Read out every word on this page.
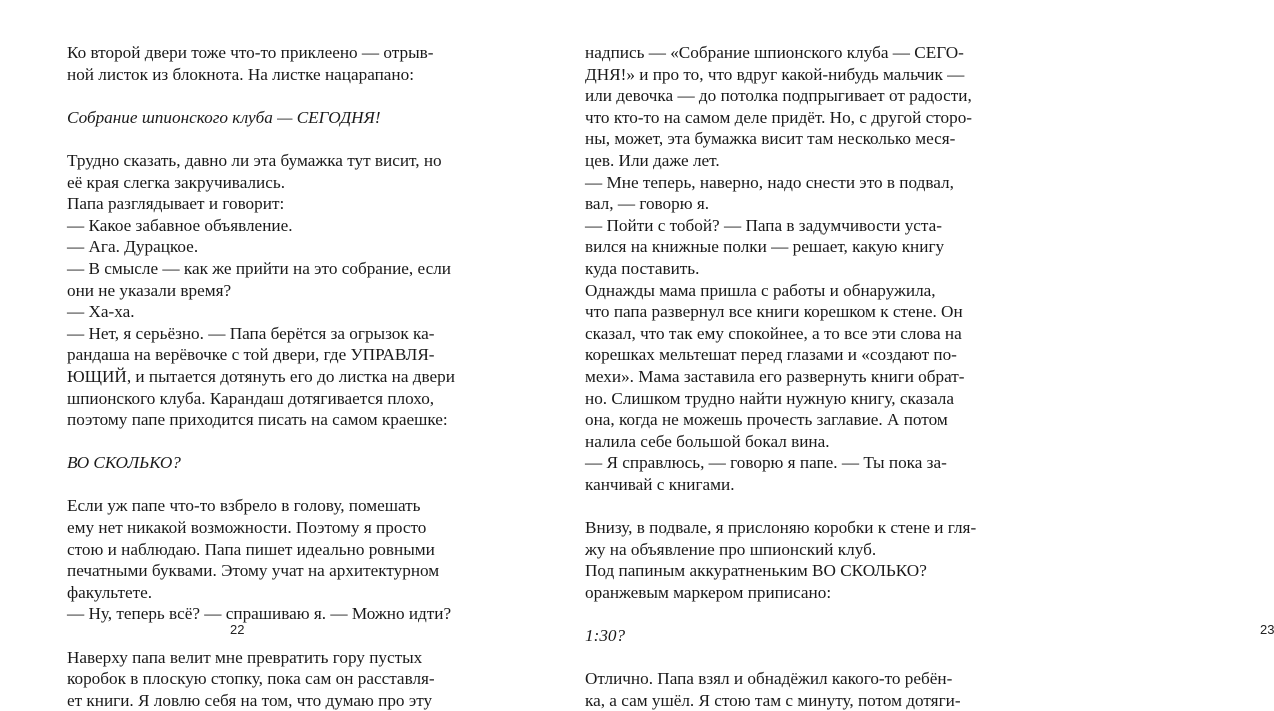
Ко второй двери тоже что-то приклеено — отрыв-
ной листок из блокнота. На листке нацарапано:
Собрание шпионского клуба — СЕГОДНЯ!
Трудно сказать, давно ли эта бумажка тут висит, но
её края слегка закручивались.
Папа разглядывает и говорит:
— Какое забавное объявление.
— Ага. Дурацкое.
— В смысле — как же прийти на это собрание, если
они не указали время?
— Ха-ха.
— Нет, я серьёзно. — Папа берётся за огрызок ка-
рандаша на верёвочке с той двери, где УПРАВЛЯ-
ЮЩИЙ, и пытается дотянуть его до листка на двери
шпионского клуба. Карандаш дотягивается плохо,
поэтому папе приходится писать на самом краешке:
ВО СКОЛЬКО?
Если уж папе что-то взбрело в голову, помешать
ему нет никакой возможности. Поэтому я просто
стою и наблюдаю. Папа пишет идеально ровными
печатными буквами. Этому учат на архитектурном
факультете.
— Ну, теперь всё? — спрашиваю я. — Можно идти?
Наверху папа велит мне превратить гору пустых
коробок в плоскую стопку, пока сам он расставля-
ет книги. Я ловлю себя на том, что думаю про эту
22	23
надпись — «Собрание шпионского клуба — СЕГО-
ДНЯ!» и про то, что вдруг какой-нибудь мальчик —
или девочка — до потолка подпрыгивает от радости,
что кто-то на самом деле придёт. Но, с другой сторо-
ны, может, эта бумажка висит там несколько меся-
цев. Или даже лет.
— Мне теперь, наверно, надо снести это в подвал,
вал, — говорю я.
— Пойти с тобой? — Папа в задумчивости уста-
вился на книжные полки — решает, какую книгу
куда поставить.
Однажды мама пришла с работы и обнаружила,
что папа развернул все книги корешком к стене. Он
сказал, что так ему спокойнее, а то все эти слова на
корешках мельтешат перед глазами и «создают по-
мехи». Мама заставила его развернуть книги обрат-
но. Слишком трудно найти нужную книгу, сказала
она, когда не можешь прочесть заглавие. А потом
налила себе большой бокал вина.
— Я справлюсь, — говорю я папе. — Ты пока за-
канчивай с книгами.
Внизу, в подвале, я прислоняю коробки к стене и гля-
жу на объявление про шпионский клуб.
Под папиным аккуратненьким ВО СКОЛЬКО?
оранжевым маркером приписано:
1:30?
Отлично. Папа взял и обнадёжил какого-то ребён-
ка, а сам ушёл. Я стою там с минуту, потом дотяги-
